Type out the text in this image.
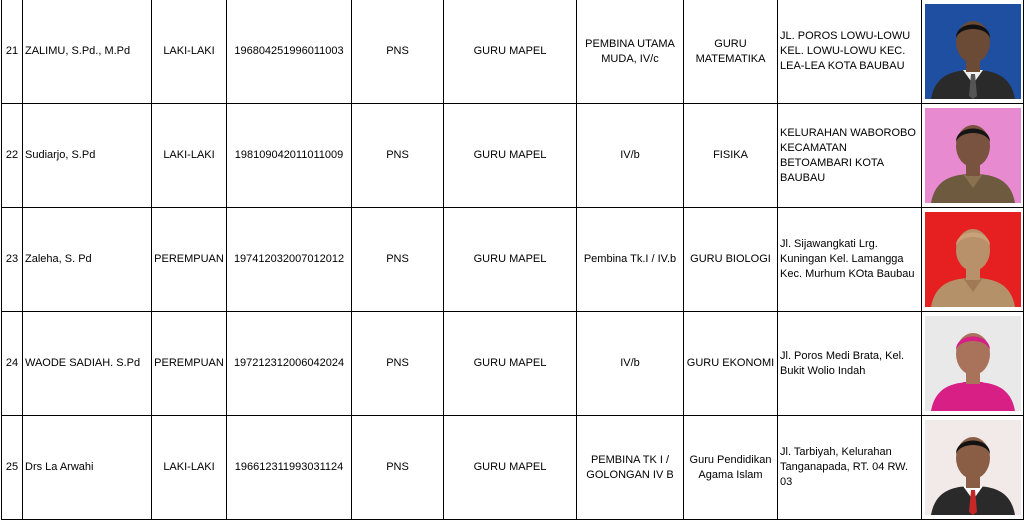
21	ZALIMU, S.Pd., M.Pd	LAKI-LAKI	196804251996011003	PNS	GURU MAPEL	PEMBINA UTAMA MUDA, IV/c	GURU MATEMATIKA	JL. POROS LOWU-LOWU KEL. LOWU-LOWU KEC. LEA-LEA KOTA BAUBAU	

22	Sudiarjo, S.Pd	LAKI-LAKI	198109042011011009	PNS	GURU MAPEL	IV/b	FISIKA	KELURAHAN WABOROBO KECAMATAN BETOAMBARI KOTA BAUBAU	

23	Zaleha, S. Pd	PEREMPUAN	197412032007012012	PNS	GURU MAPEL	Pembina Tk.I / IV.b	GURU BIOLOGI	Jl. Sijawangkati Lrg. Kuningan Kel. Lamangga Kec. Murhum KOta Baubau	

24	WAODE SADIAH. S.Pd	PEREMPUAN	197212312006042024	PNS	GURU MAPEL	IV/b	GURU EKONOMI	Jl. Poros Medi Brata, Kel. Bukit Wolio Indah	

25	Drs La Arwahi	LAKI-LAKI	196612311993031124	PNS	GURU MAPEL	PEMBINA TK I / GOLONGAN IV B	Guru Pendidikan Agama Islam	Jl. Tarbiyah, Kelurahan Tanganapada, RT. 04 RW. 03	
